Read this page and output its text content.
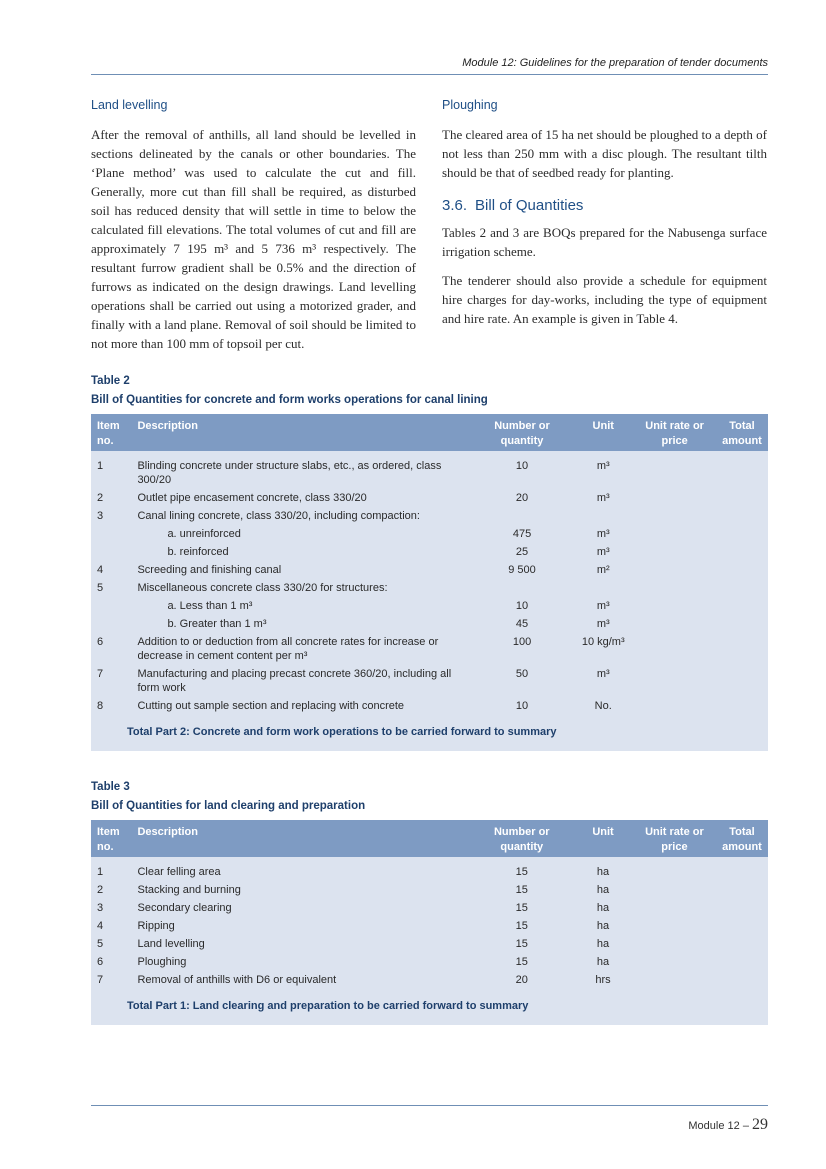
Module 12: Guidelines for the preparation of tender documents
Land levelling

After the removal of anthills, all land should be levelled in sections delineated by the canals or other boundaries. The ‘Plane method’ was used to calculate the cut and fill. Generally, more cut than fill shall be required, as disturbed soil has reduced density that will settle in time to below the calculated fill elevations. The total volumes of cut and fill are approximately 7 195 m³ and 5 736 m³ respectively. The resultant furrow gradient shall be 0.5% and the direction of furrows as indicated on the design drawings. Land levelling operations shall be carried out using a motorized grader, and finally with a land plane. Removal of soil should be limited to not more than 100 mm of topsoil per cut.

Ploughing

The cleared area of 15 ha net should be ploughed to a depth of not less than 250 mm with a disc plough. The resultant tilth should be that of seedbed ready for planting.

3.6. Bill of Quantities

Tables 2 and 3 are BOQs prepared for the Nabusenga surface irrigation scheme.

The tenderer should also provide a schedule for equipment hire charges for day-works, including the type of equipment and hire rate. An example is given in Table 4.

Table 2
Bill of Quantities for concrete and form works operations for canal lining
Item no.	Description	Number or quantity	Unit	Unit rate or price	Total amount
1	Blinding concrete under structure slabs, etc., as ordered, class 300/20	10	m³		
2	Outlet pipe encasement concrete, class 330/20	20	m³		
3	Canal lining concrete, class 330/20, including compaction:				
	a. unreinforced	475	m³		
	b. reinforced	25	m³		
4	Screeding and finishing canal	9 500	m²		
5	Miscellaneous concrete class 330/20 for structures:				
	a. Less than 1 m³	10	m³		
	b. Greater than 1 m³	45	m³		
6	Addition to or deduction from all concrete rates for increase or decrease in cement content per m³	100	10 kg/m³		
7	Manufacturing and placing precast concrete 360/20, including all form work	50	m³		
8	Cutting out sample section and replacing with concrete	10	No.		
Total Part 2: Concrete and form work operations to be carried forward to summary					
Table 3
Bill of Quantities for land clearing and preparation
Item no.	Description	Number or quantity	Unit	Unit rate or price	Total amount
1	Clear felling area	15	ha		
2	Stacking and burning	15	ha		
3	Secondary clearing	15	ha		
4	Ripping	15	ha		
5	Land levelling	15	ha		
6	Ploughing	15	ha		
7	Removal of anthills with D6 or equivalent	20	hrs		
Total Part 1: Land clearing and preparation to be carried forward to summary					
Module 12 – 29
